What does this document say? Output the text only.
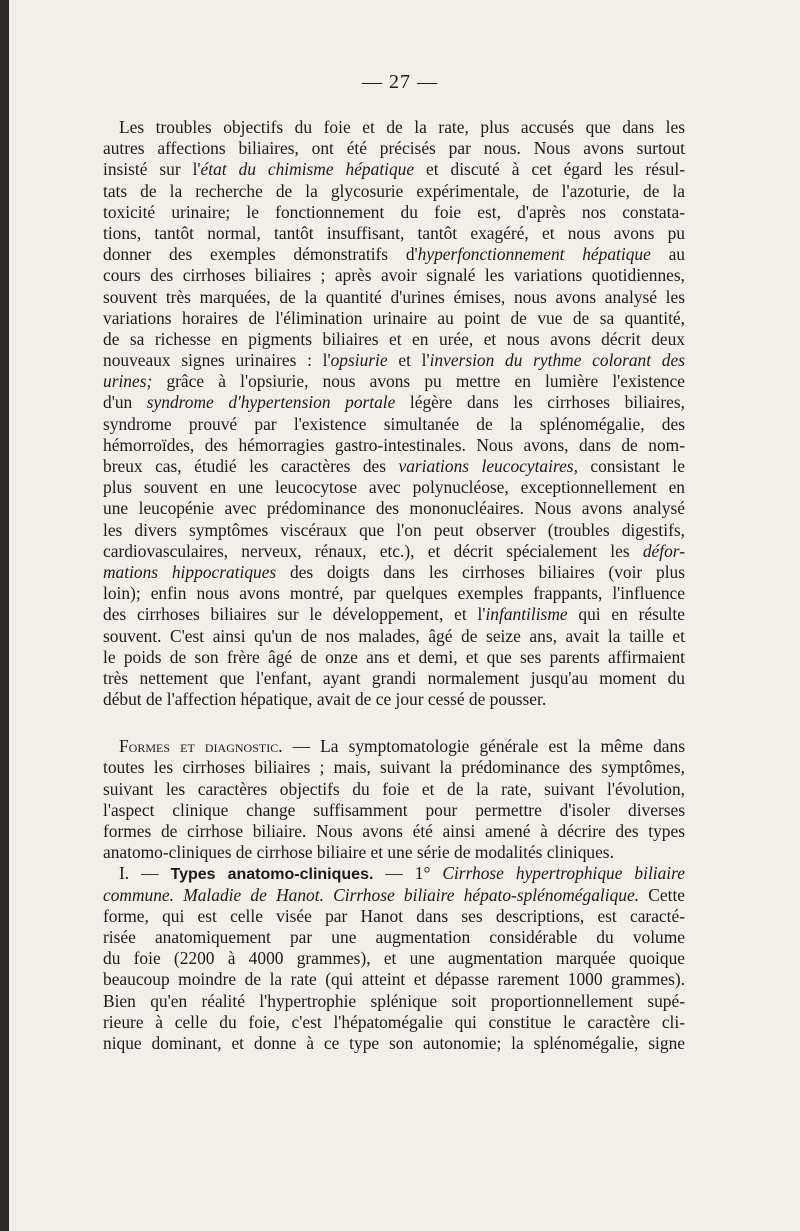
— 27 —
Les troubles objectifs du foie et de la rate, plus accusés que dans les
autres affections biliaires, ont été précisés par nous. Nous avons surtout
insisté sur l'état du chimisme hépatique et discuté à cet égard les résul-
tats de la recherche de la glycosurie expérimentale, de l'azoturie, de la
toxicité urinaire; le fonctionnement du foie est, d'après nos constata-
tions, tantôt normal, tantôt insuffisant, tantôt exagéré, et nous avons pu
donner des exemples démonstratifs d'hyperfonctionnement hépatique au
cours des cirrhoses biliaires ; après avoir signalé les variations quotidiennes,
souvent très marquées, de la quantité d'urines émises, nous avons analysé les
variations horaires de l'élimination urinaire au point de vue de sa quantité,
de sa richesse en pigments biliaires et en urée, et nous avons décrit deux
nouveaux signes urinaires : l'opsiurie et l'inversion du rythme colorant des
urines; grâce à l'opsiurie, nous avons pu mettre en lumière l'existence
d'un syndrome d'hypertension portale légère dans les cirrhoses biliaires,
syndrome prouvé par l'existence simultanée de la splénomégalie, des
hémorroïdes, des hémorragies gastro-intestinales. Nous avons, dans de nom-
breux cas, étudié les caractères des variations leucocytaires, consistant le
plus souvent en une leucocytose avec polynucléose, exceptionnellement en
une leucopénie avec prédominance des mononucléaires. Nous avons analysé
les divers symptômes viscéraux que l'on peut observer (troubles digestifs,
cardiovasculaires, nerveux, rénaux, etc.), et décrit spécialement les défor-
mations hippocratiques des doigts dans les cirrhoses biliaires (voir plus
loin); enfin nous avons montré, par quelques exemples frappants, l'influence
des cirrhoses biliaires sur le développement, et l'infantilisme qui en résulte
souvent. C'est ainsi qu'un de nos malades, âgé de seize ans, avait la taille et
le poids de son frère âgé de onze ans et demi, et que ses parents affirmaient
très nettement que l'enfant, ayant grandi normalement jusqu'au moment du
début de l'affection hépatique, avait de ce jour cessé de pousser.
Formes et diagnostic. — La symptomatologie générale est la même dans
toutes les cirrhoses biliaires ; mais, suivant la prédominance des symptômes,
suivant les caractères objectifs du foie et de la rate, suivant l'évolution,
l'aspect clinique change suffisamment pour permettre d'isoler diverses
formes de cirrhose biliaire. Nous avons été ainsi amené à décrire des types
anatomo-cliniques de cirrhose biliaire et une série de modalités cliniques.
I. — Types anatomo-cliniques. — 1° Cirrhose hypertrophique biliaire
commune. Maladie de Hanot. Cirrhose biliaire hépato-splénomégalique. Cette
forme, qui est celle visée par Hanot dans ses descriptions, est caracté-
risée anatomiquement par une augmentation considérable du volume
du foie (2200 à 4000 grammes), et une augmentation marquée quoique
beaucoup moindre de la rate (qui atteint et dépasse rarement 1000 grammes).
Bien qu'en réalité l'hypertrophie splénique soit proportionnellement supé-
rieure à celle du foie, c'est l'hépatomégalie qui constitue le caractère cli-
nique dominant, et donne à ce type son autonomie; la splénomégalie, signe
